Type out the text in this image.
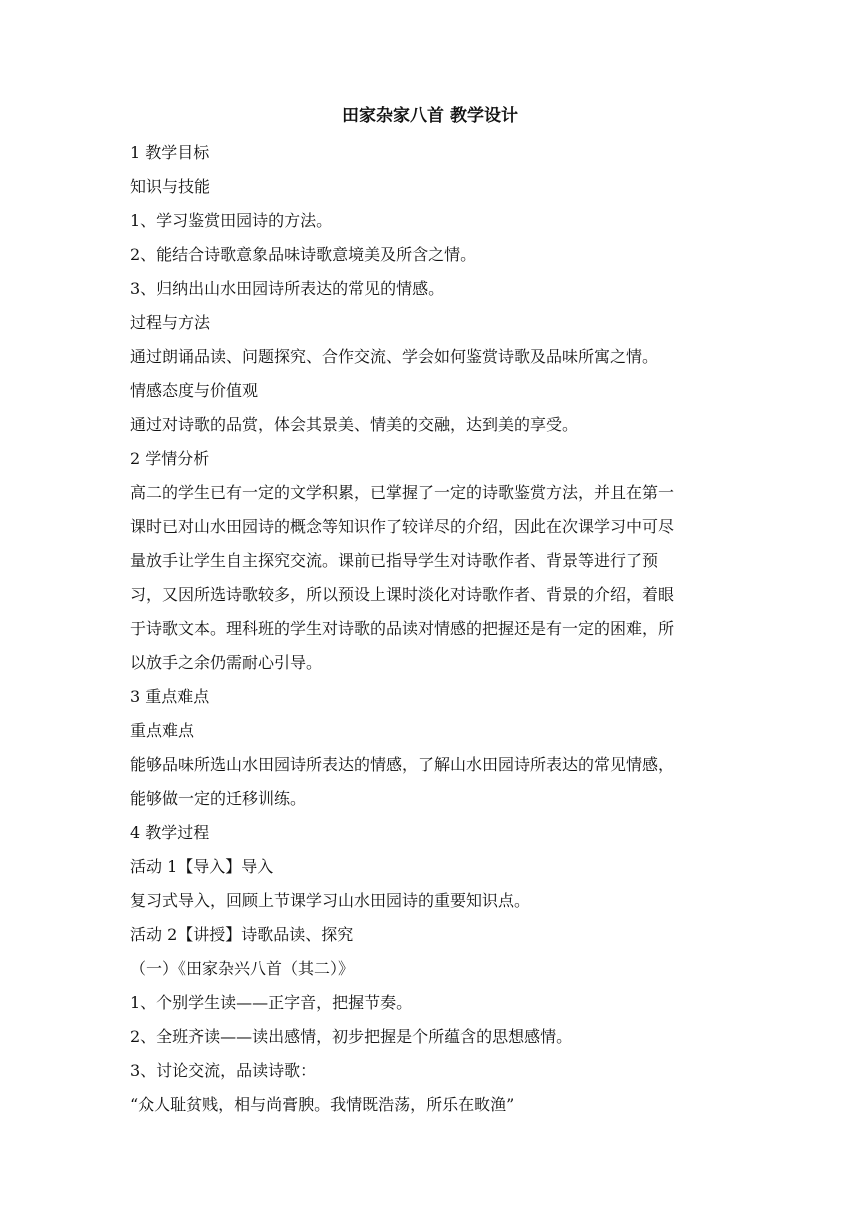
田家杂家八首 教学设计
1 教学目标
知识与技能
1、学习鉴赏田园诗的方法。
2、能结合诗歌意象品味诗歌意境美及所含之情。
3、归纳出山水田园诗所表达的常见的情感。
过程与方法
通过朗诵品读、问题探究、合作交流、学会如何鉴赏诗歌及品味所寓之情。
情感态度与价值观
通过对诗歌的品赏，体会其景美、情美的交融，达到美的享受。
2 学情分析
高二的学生已有一定的文学积累，已掌握了一定的诗歌鉴赏方法，并且在第一
课时已对山水田园诗的概念等知识作了较详尽的介绍，因此在次课学习中可尽
量放手让学生自主探究交流。课前已指导学生对诗歌作者、背景等进行了预
习，又因所选诗歌较多，所以预设上课时淡化对诗歌作者、背景的介绍，着眼
于诗歌文本。理科班的学生对诗歌的品读对情感的把握还是有一定的困难，所
以放手之余仍需耐心引导。
3 重点难点
重点难点
能够品味所选山水田园诗所表达的情感，了解山水田园诗所表达的常见情感，
能够做一定的迁移训练。
4 教学过程
活动 1【导入】导入
复习式导入，回顾上节课学习山水田园诗的重要知识点。
活动 2【讲授】诗歌品读、探究
（一）《田家杂兴八首（其二）》
1、个别学生读——正字音，把握节奏。
2、全班齐读——读出感情，初步把握是个所蕴含的思想感情。
3、讨论交流，品读诗歌：
“众人耻贫贱，相与尚膏腴。我情既浩荡，所乐在畋渔”
